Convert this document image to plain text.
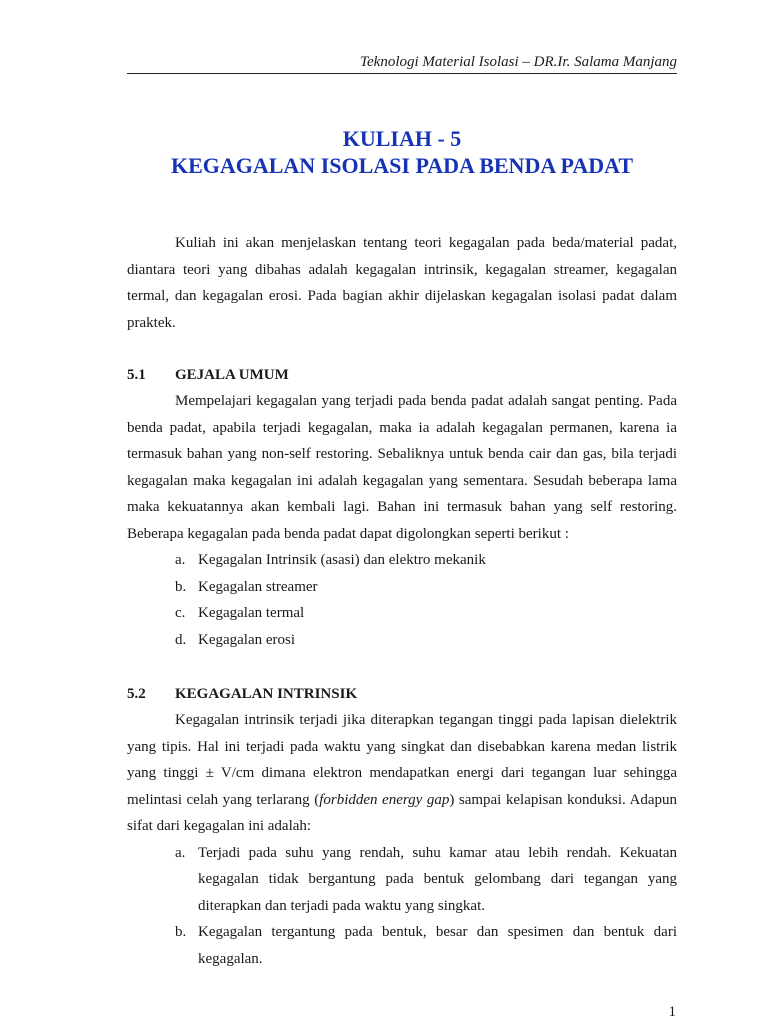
Teknologi Material Isolasi – DR.Ir. Salama Manjang
KULIAH - 5
KEGAGALAN ISOLASI PADA BENDA PADAT

Kuliah ini akan menjelaskan tentang teori kegagalan pada beda/material padat, diantara teori yang dibahas adalah kegagalan intrinsik, kegagalan streamer, kegagalan termal, dan kegagalan erosi. Pada bagian akhir dijelaskan kegagalan isolasi padat dalam praktek.

5.1 GEJALA UMUM

Mempelajari kegagalan yang terjadi pada benda padat adalah sangat penting. Pada benda padat, apabila terjadi kegagalan, maka ia adalah kegagalan permanen, karena ia termasuk bahan yang non-self restoring. Sebaliknya untuk benda cair dan gas, bila terjadi kegagalan maka kegagalan ini adalah kegagalan yang sementara. Sesudah beberapa lama maka kekuatannya akan kembali lagi. Bahan ini termasuk bahan yang self restoring. Beberapa kegagalan pada benda padat dapat digolongkan seperti berikut :

a. Kegagalan Intrinsik (asasi) dan elektro mekanik
b. Kegagalan streamer
c. Kegagalan termal
d. Kegagalan erosi
5.2 KEGAGALAN INTRINSIK

Kegagalan intrinsik terjadi jika diterapkan tegangan tinggi pada lapisan dielektrik yang tipis. Hal ini terjadi pada waktu yang singkat dan disebabkan karena medan listrik yang tinggi ± V/cm dimana elektron mendapatkan energi dari tegangan luar sehingga melintasi celah yang terlarang (forbidden energy gap) sampai kelapisan konduksi. Adapun sifat dari kegagalan ini adalah:

a. Terjadi pada suhu yang rendah, suhu kamar atau lebih rendah. Kekuatan kegagalan tidak bergantung pada bentuk gelombang dari tegangan yang diterapkan dan terjadi pada waktu yang singkat.
b. Kegagalan tergantung pada bentuk, besar dan spesimen dan bentuk dari kegagalan.
1
